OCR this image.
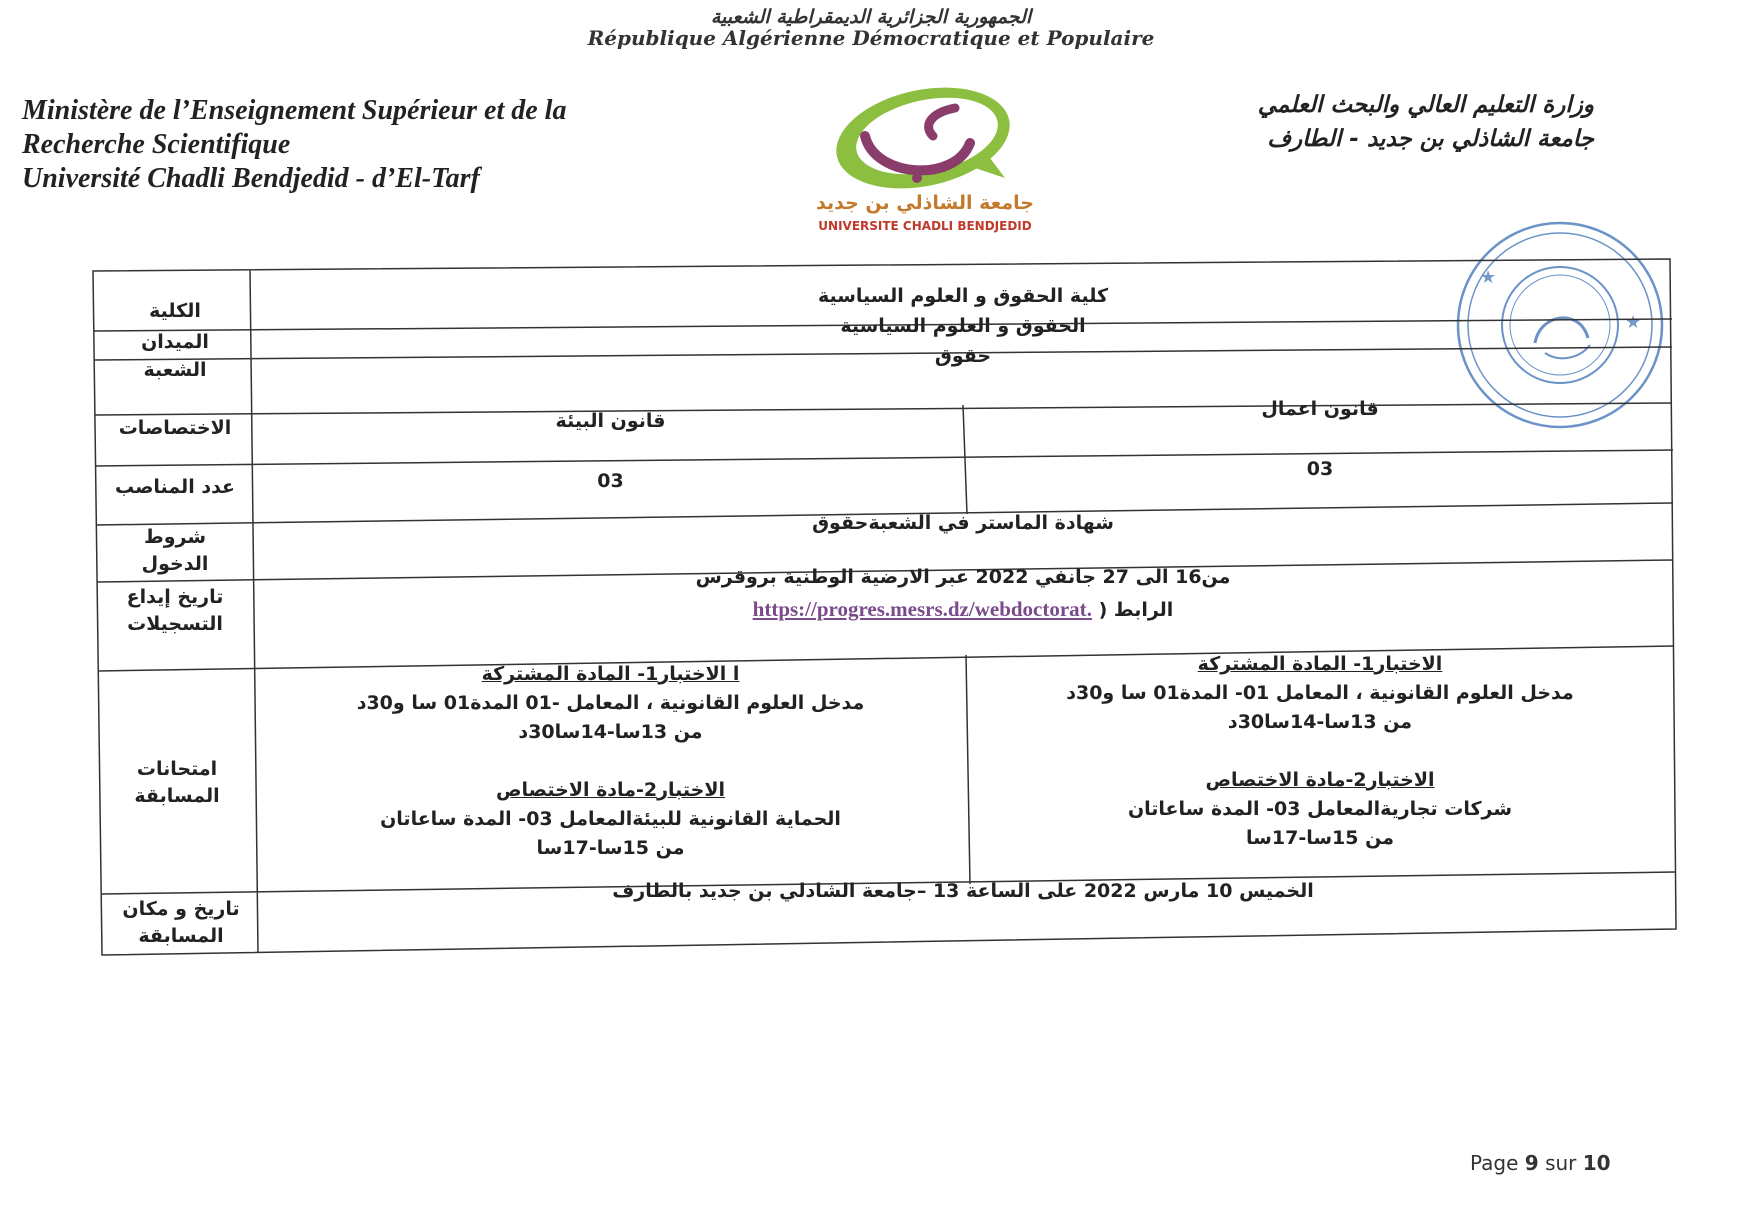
الجمهورية الجزائرية الديمقراطية الشعبية
République Algérienne Démocratique et Populaire
Ministère de l’Enseignement Supérieur et de la
Recherche Scientifique
Université Chadli Bendjedid - d’El-Tarf
وزارة التعليم العالي والبحث العلمي
جامعة الشاذلي بن جديد - الطارف
جامعة الشاذلي بن جديد
UNIVERSITE CHADLI BENDJEDID
★
★
الكلية
الميدان
الشعبة
الاختصاصات
عدد المناصب
شروط الدخول
تاريخ إيداع
التسجيلات
امتحانات
المسابقة
تاريخ و مكان
المسابقة
كلية الحقوق و العلوم السياسية
الحقوق و العلوم السياسية
حقوق
قانون اعمال
قانون البيئة
03
03
شهادة الماستر في الشعبةحقوق
من16 الى 27 جانفي 2022 عبر الارضية الوطنية بروقرس
الرابط ( https://progres.mesrs.dz/webdoctorat.
الاختبار1- المادة المشتركة
مدخل العلوم القانونية ، المعامل 01- المدة01 سا و30د
من 13سا-14سا30د
الاختبار2-مادة الاختصاص
شركات تجاريةالمعامل 03- المدة ساعاتان
من 15سا-17سا
ا الاختبار1- المادة المشتركة
مدخل العلوم القانونية ، المعامل -01 المدة01 سا و30د
من 13سا-14سا30د
الاختبار2-مادة الاختصاص
الحماية القانونية للبيئةالمعامل 03- المدة ساعاتان
من 15سا-17سا
الخميس 10 مارس 2022 على الساعة 13 –جامعة الشادلي بن جديد بالطارف
Page 9 sur 10
